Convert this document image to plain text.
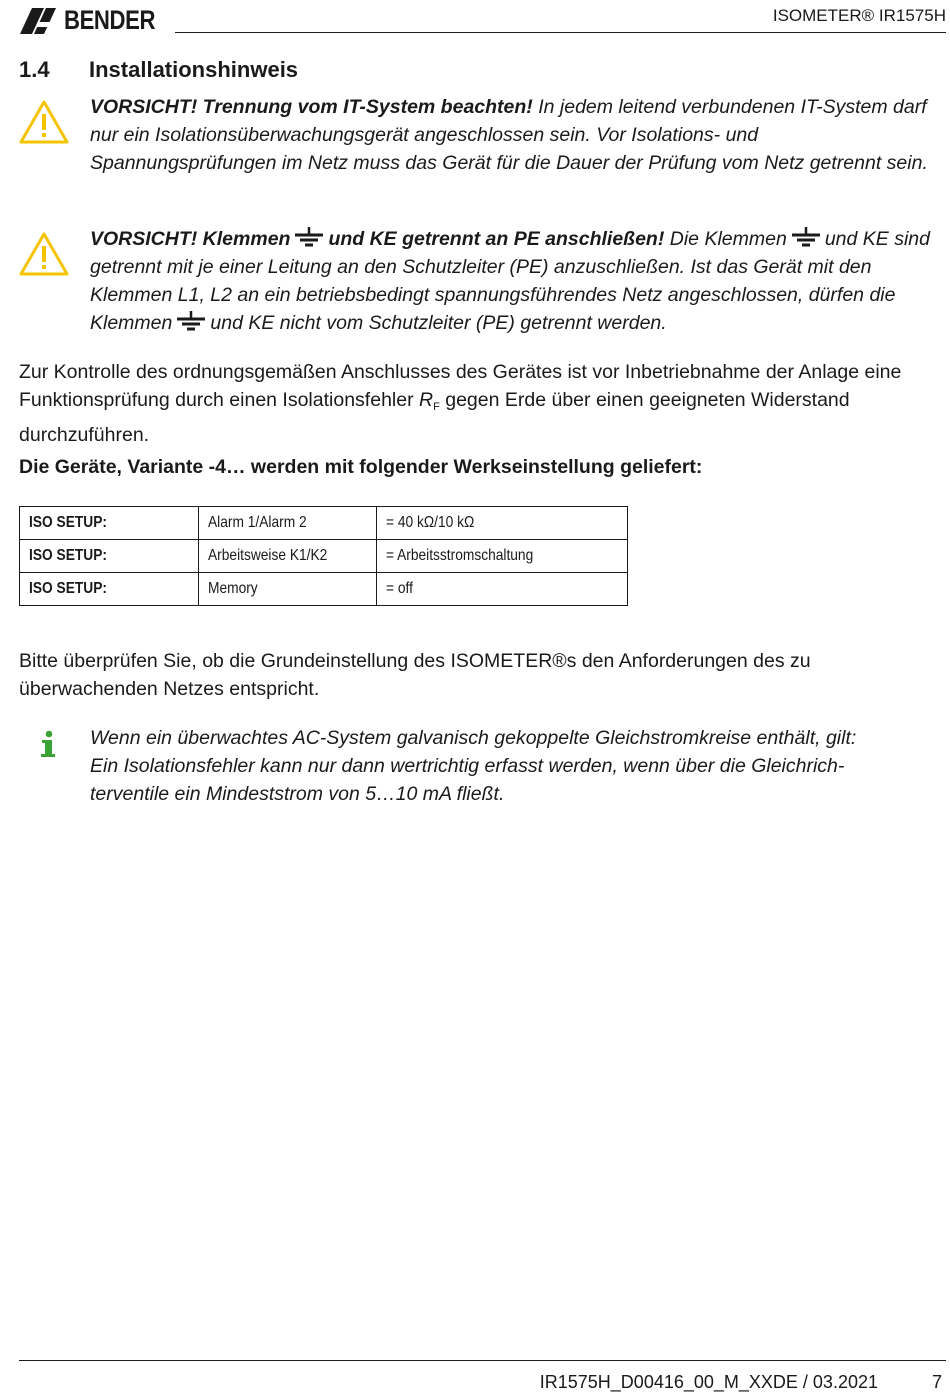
BENDER	ISOMETER® IR1575H
1.4 Installationshinweis
VORSICHT! Trennung vom IT-System beachten! In jedem leitend verbundenen IT-System darf nur ein Isolationsüberwachungsgerät angeschlossen sein. Vor Isolations- und Spannungsprüfungen im Netz muss das Gerät für die Dauer der Prüfung vom Netz getrennt sein.
VORSICHT! Klemmen und KE getrennt an PE anschließen! Die Klemmen und KE sind getrennt mit je einer Leitung an den Schutzleiter (PE) anzuschließen. Ist das Gerät mit den Klemmen L1, L2 an ein betriebsbedingt spannungsführendes Netz angeschlossen, dürfen die Klemmen und KE nicht vom Schutzleiter (PE) getrennt werden.
Zur Kontrolle des ordnungsgemäßen Anschlusses des Gerätes ist vor Inbetriebnahme der Anlage eine Funktionsprüfung durch einen Isolationsfehler $R_F$ gegen Erde über einen geeigneten Widerstand durchzuführen.
Die Geräte, Variante -4… werden mit folgender Werkseinstellung geliefert:
ISO SETUP:	Alarm 1/Alarm 2	= 40 kΩ/10 kΩ
ISO SETUP:	Arbeitsweise K1/K2	= Arbeitsstromschaltung
ISO SETUP:	Memory	= off
Bitte überprüfen Sie, ob die Grundeinstellung des ISOMETER®s den Anforderungen des zu überwachenden Netzes entspricht.
Wenn ein überwachtes AC-System galvanisch gekoppelte Gleichstromkreise enthält, gilt:
Ein Isolationsfehler kann nur dann wertrichtig erfasst werden, wenn über die Gleichrich-
terventile ein Mindeststrom von 5…10 mA fließt.
IR1575H_D00416_00_M_XXDE / 03.2021	7
